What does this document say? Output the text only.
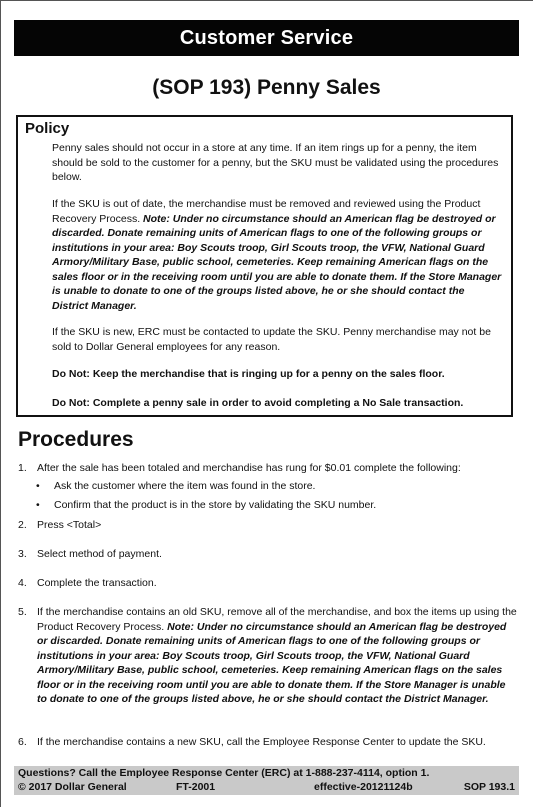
Customer Service
(SOP 193) Penny Sales
Policy
Penny sales should not occur in a store at any time. If an item rings up for a penny, the item should be sold to the customer for a penny, but the SKU must be validated using the procedures below.
If the SKU is out of date, the merchandise must be removed and reviewed using the Product Recovery Process. Note: Under no circumstance should an American flag be destroyed or discarded. Donate remaining units of American flags to one of the following groups or institutions in your area: Boy Scouts troop, Girl Scouts troop, the VFW, National Guard Armory/Military Base, public school, cemeteries. Keep remaining American flags on the sales floor or in the receiving room until you are able to donate them. If the Store Manager is unable to donate to one of the groups listed above, he or she should contact the District Manager.
If the SKU is new, ERC must be contacted to update the SKU. Penny merchandise may not be sold to Dollar General employees for any reason.
Do Not: Keep the merchandise that is ringing up for a penny on the sales floor.
Do Not: Complete a penny sale in order to avoid completing a No Sale transaction.
Procedures
1. After the sale has been totaled and merchandise has rung for $0.01 complete the following:
• Ask the customer where the item was found in the store.
• Confirm that the product is in the store by validating the SKU number.
2. Press <Total>
3. Select method of payment.
4. Complete the transaction.
5. If the merchandise contains an old SKU, remove all of the merchandise, and box the items up using the Product Recovery Process. Note: Under no circumstance should an American flag be destroyed or discarded. Donate remaining units of American flags to one of the following groups or institutions in your area: Boy Scouts troop, Girl Scouts troop, the VFW, National Guard Armory/Military Base, public school, cemeteries. Keep remaining American flags on the sales floor or in the receiving room until you are able to donate them. If the Store Manager is unable to donate to one of the groups listed above, he or she should contact the District Manager.
6. If the merchandise contains a new SKU, call the Employee Response Center to update the SKU.
Questions? Call the Employee Response Center (ERC) at 1-888-237-4114, option 1.
© 2017 Dollar General	FT-2001	effective-20121124b	SOP 193.1
